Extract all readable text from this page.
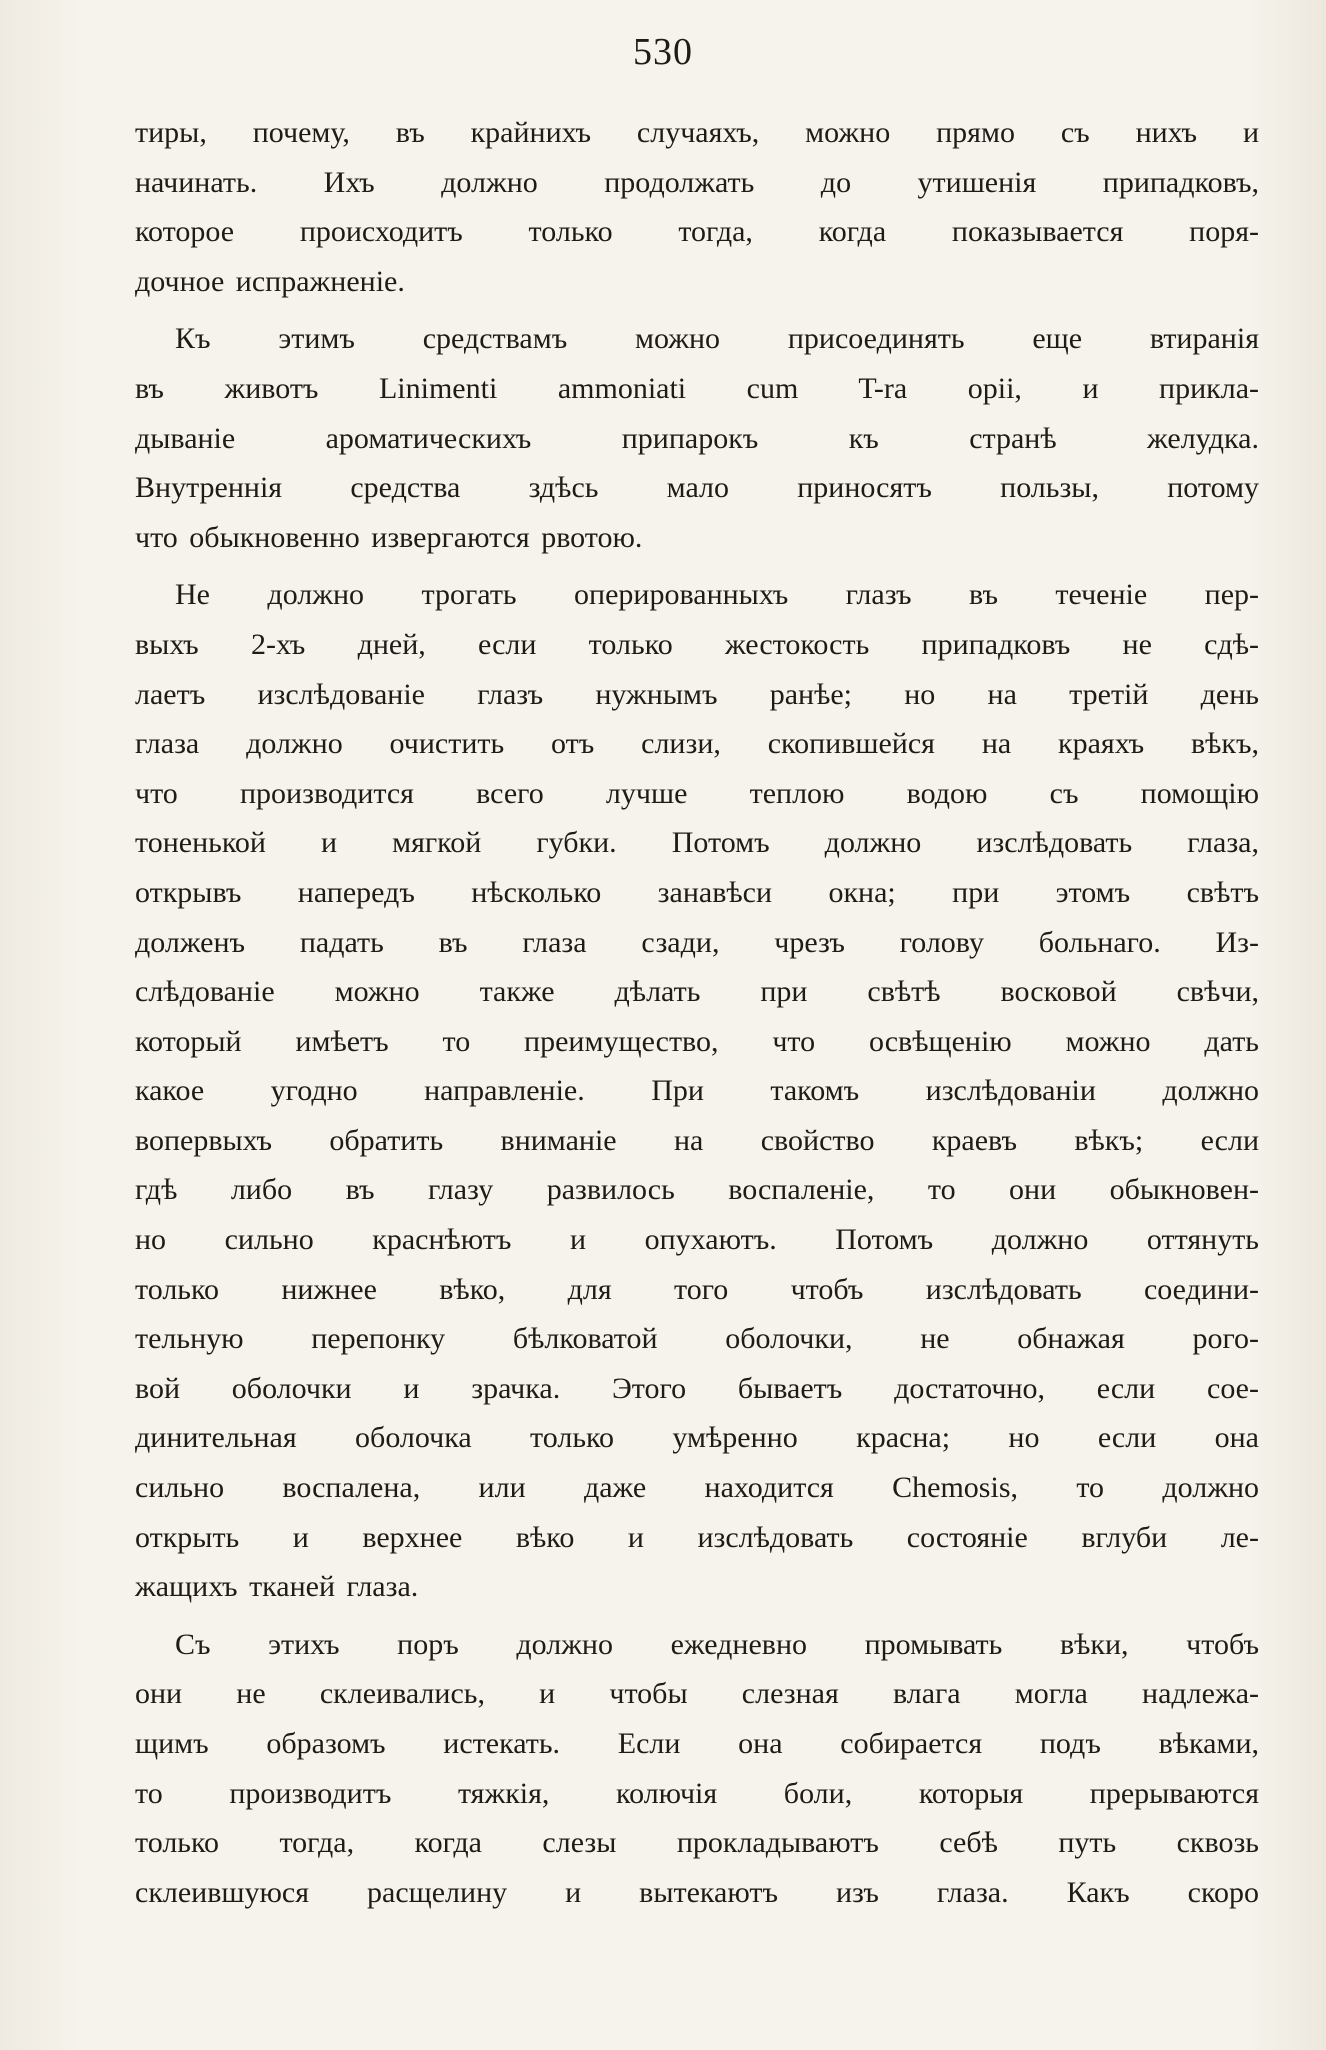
530

тиры, почему, въ крайнихъ случаяхъ, можно прямо съ нихъ и
начинать. Ихъ должно продолжать до утишенія припадковъ,
которое происходитъ только тогда, когда показывается поря-
дочное испражненіе.

Къ этимъ средствамъ можно присоединять еще втиранія
въ животъ Linimenti ammoniati cum T-ra opii, и прикла-
дываніе ароматическихъ припарокъ къ странѣ желудка.
Внутреннія средства здѣсь мало приносятъ пользы, потому
что обыкновенно извергаются рвотою.

Не должно трогать оперированныхъ глазъ въ теченіе пер-
выхъ 2-хъ дней, если только жестокость припадковъ не сдѣ-
лаетъ изслѣдованіе глазъ нужнымъ ранѣе; но на третій день
глаза должно очистить отъ слизи, скопившейся на краяхъ вѣкъ,
что производится всего лучше теплою водою съ помощію
тоненькой и мягкой губки. Потомъ должно изслѣдовать глаза,
открывъ напередъ нѣсколько занавѣси окна; при этомъ свѣтъ
долженъ падать въ глаза сзади, чрезъ голову больнаго. Из-
слѣдованіе можно также дѣлать при свѣтѣ восковой свѣчи,
который имѣетъ то преимущество, что освѣщенію можно дать
какое угодно направленіе. При такомъ изслѣдованіи должно
вопервыхъ обратить вниманіе на свойство краевъ вѣкъ; если
гдѣ либо въ глазу развилось воспаленіе, то они обыкновен-
но сильно краснѣютъ и опухаютъ. Потомъ должно оттянуть
только нижнее вѣко, для того чтобъ изслѣдовать соедини-
тельную перепонку бѣлковатой оболочки, не обнажая рого-
вой оболочки и зрачка. Этого бываетъ достаточно, если сое-
динительная оболочка только умѣренно красна; но если она
сильно воспалена, или даже находится Chemosis, то должно
открыть и верхнее вѣко и изслѣдовать состояніе вглуби ле-
жащихъ тканей глаза.

Съ этихъ поръ должно ежедневно промывать вѣки, чтобъ
они не склеивались, и чтобы слезная влага могла надлежа-
щимъ образомъ истекать. Если она собирается подъ вѣками,
то производитъ тяжкія, колючія боли, которыя прерываются
только тогда, когда слезы прокладываютъ себѣ путь сквозь
склеившуюся расщелину и вытекаютъ изъ глаза. Какъ скоро
